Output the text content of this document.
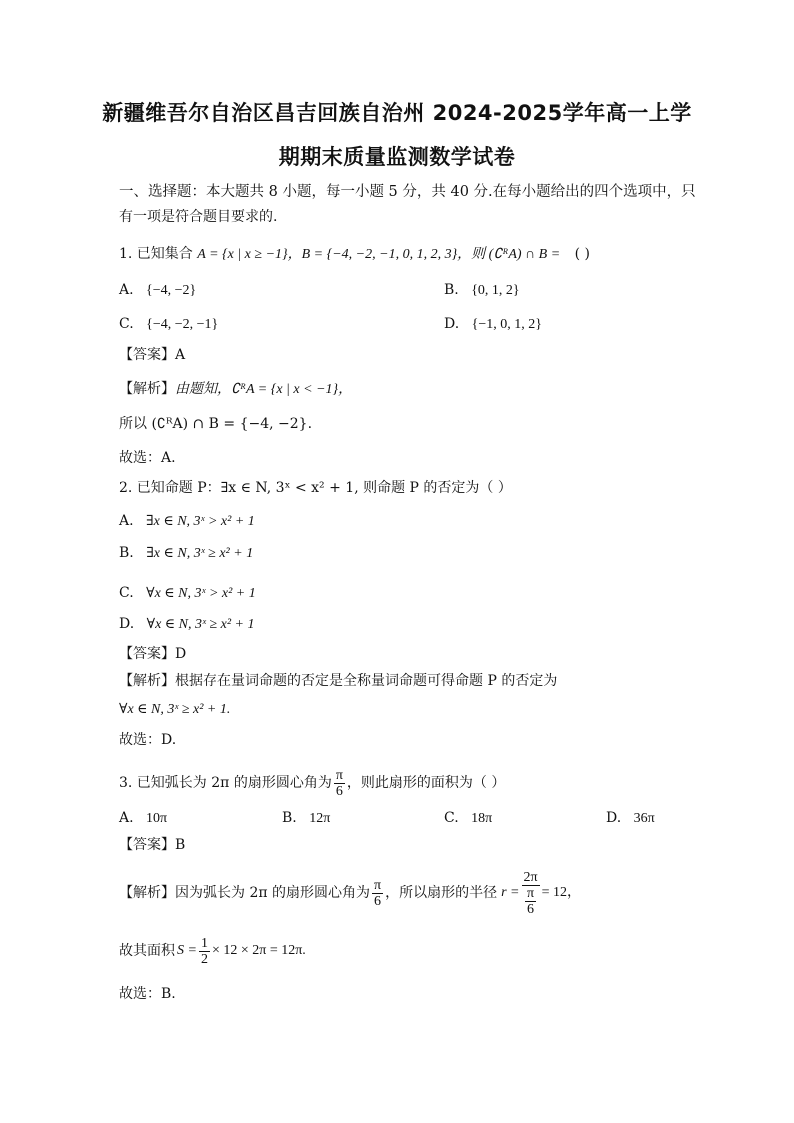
新疆维吾尔自治区昌吉回族自治州 2024-2025学年高一上学
期期末质量监测数学试卷
一、选择题：本大题共 8 小题，每一小题 5 分，共 40 分.在每小题给出的四个选项中，只
有一项是符合题目要求的.
1. 已知集合 A = {x | x ≥ −1}，B = {−4, −2, −1, 0, 1, 2, 3}，则 (∁ᴿA) ∩ B = ( )
A. {−4, −2}	B. {0, 1, 2}
C. {−4, −2, −1}	D. {−1, 0, 1, 2}
【答案】A
【解析】由题知，∁ᴿA = {x | x < −1}，
所以 (∁ᴿA) ∩ B = {−4, −2}.
故选：A.
2. 已知命题 P：∃x ∈ N, 3ˣ < x² + 1, 则命题 P 的否定为（ ）
A. ∃x ∈ N, 3ˣ > x² + 1
B. ∃x ∈ N, 3ˣ ≥ x² + 1
C. ∀x ∈ N, 3ˣ > x² + 1
D. ∀x ∈ N, 3ˣ ≥ x² + 1
【答案】D
【解析】根据存在量词命题的否定是全称量词命题可得命题 P 的否定为
∀x ∈ N, 3ˣ ≥ x² + 1.
故选：D.
3. 已知弧长为 2π 的扇形圆心角为 $\frac{\pi}{6}$ ，则此扇形的面积为（ ）
A. 10π	B. 12π	C. 18π	D. 36π
【答案】B
【解析】 因为弧长为 2π 的扇形圆心角为 $\frac{\pi}{6}$ ，所以扇形的半径 $r = \frac{2\pi}{\frac{\pi}{6}} = 12$，
故其面积 $S = \frac{1}{2} \times 12 \times 2\pi = 12\pi$.
故选：B.
